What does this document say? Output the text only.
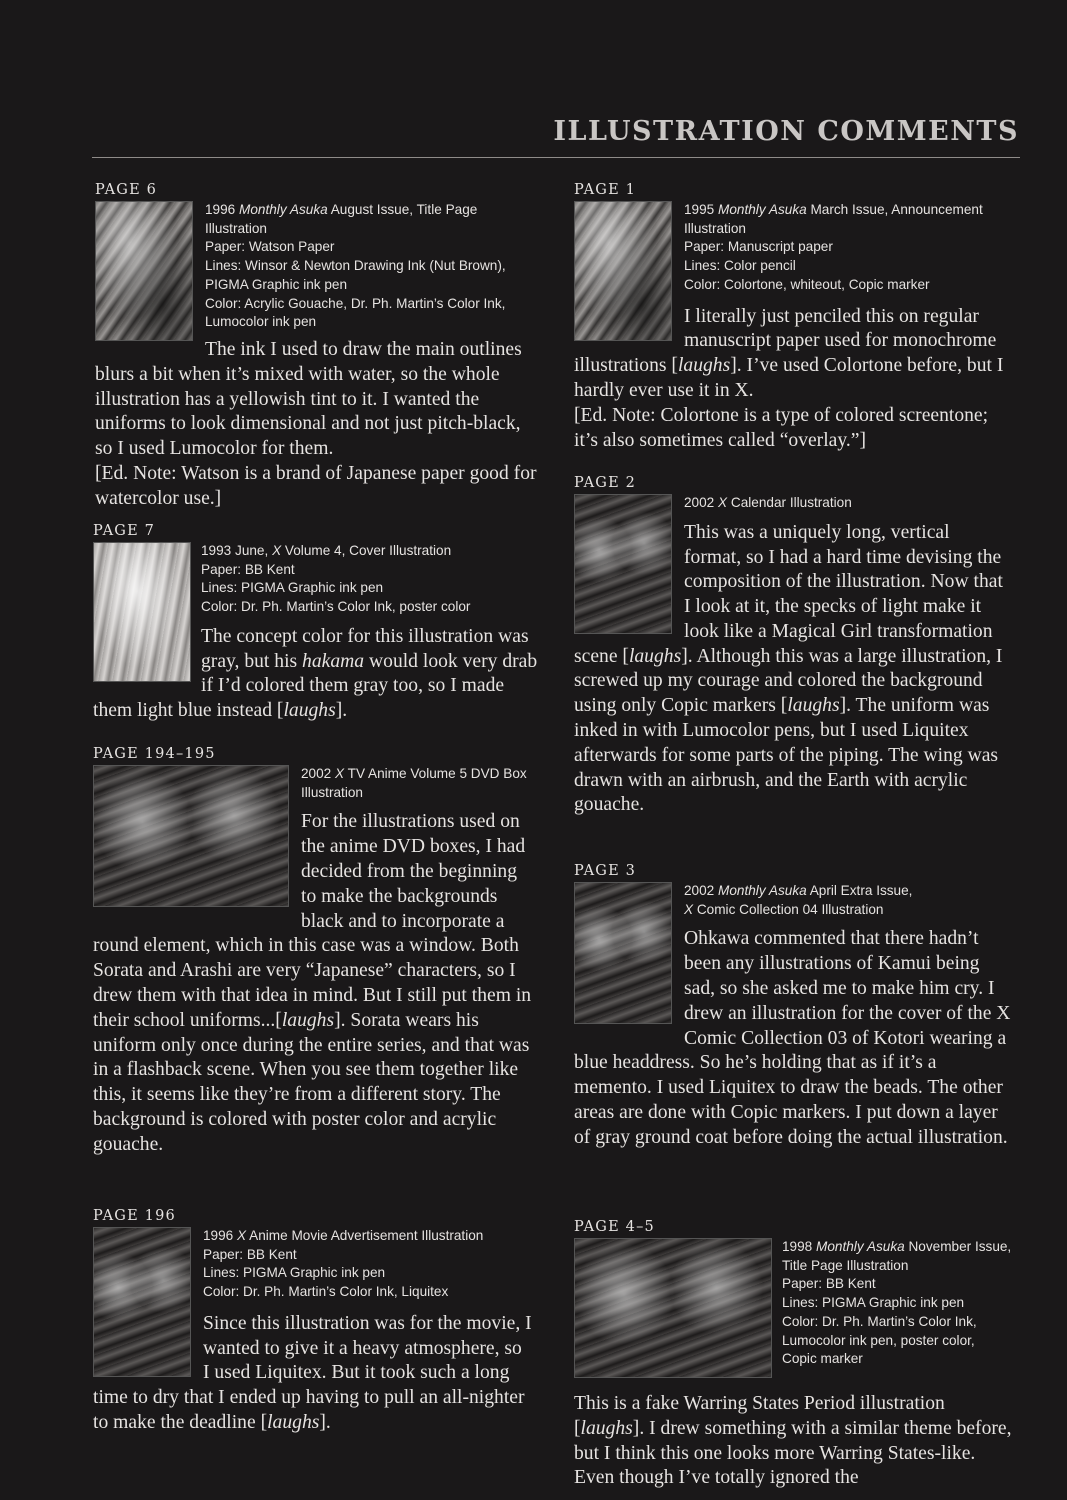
ILLUSTRATION COMMENTS

PAGE 6

1996 Monthly Asuka August Issue, Title Page Illustration
Paper: Watson Paper
Lines: Winsor & Newton Drawing Ink (Nut Brown),
PIGMA Graphic ink pen
Color: Acrylic Gouache, Dr. Ph. Martin’s Color Ink,
Lumocolor ink pen

The ink I used to draw the main outlines blurs a bit when it’s mixed with water, so the whole illustration has a yellowish tint to it. I wanted the uniforms to look dimensional and not just pitch-black, so I used Lumocolor for them.
[Ed. Note: Watson is a brand of Japanese paper good for watercolor use.]

PAGE 7

1993 June, X Volume 4, Cover Illustration
Paper: BB Kent
Lines: PIGMA Graphic ink pen
Color: Dr. Ph. Martin’s Color Ink, poster color

The concept color for this illustration was gray, but his hakama would look very drab if I’d colored them gray too, so I made them light blue instead [laughs].

PAGE 194–195

2002 X TV Anime Volume 5 DVD Box
Illustration

For the illustrations used on the anime DVD boxes, I had decided from the beginning to make the backgrounds black and to incorporate a round element, which in this case was a window. Both Sorata and Arashi are very “Japanese” characters, so I drew them with that idea in mind. But I still put them in their school uniforms...[laughs]. Sorata wears his uniform only once during the entire series, and that was in a flashback scene. When you see them together like this, it seems like they’re from a different story. The background is colored with poster color and acrylic gouache.

PAGE 196

1996 X Anime Movie Advertisement Illustration
Paper: BB Kent
Lines: PIGMA Graphic ink pen
Color: Dr. Ph. Martin’s Color Ink, Liquitex

Since this illustration was for the movie, I wanted to give it a heavy atmosphere, so I used Liquitex. But it took such a long time to dry that I ended up having to pull an all-nighter to make the deadline [laughs].

PAGE 1

1995 Monthly Asuka March Issue, Announcement Illustration
Paper: Manuscript paper
Lines: Color pencil
Color: Colortone, whiteout, Copic marker

I literally just penciled this on regular manuscript paper used for monochrome illustrations [laughs]. I’ve used Colortone before, but I hardly ever use it in X.
[Ed. Note: Colortone is a type of colored screentone; it’s also sometimes called “overlay.”]

PAGE 2

2002 X Calendar Illustration

This was a uniquely long, vertical format, so I had a hard time devising the composition of the illustration. Now that I look at it, the specks of light make it look like a Magical Girl transformation scene [laughs]. Although this was a large illustration, I screwed up my courage and colored the background using only Copic markers [laughs]. The uniform was inked in with Lumocolor pens, but I used Liquitex afterwards for some parts of the piping. The wing was drawn with an airbrush, and the Earth with acrylic gouache.

PAGE 3

2002 Monthly Asuka April Extra Issue,
X Comic Collection 04 Illustration

Ohkawa commented that there hadn’t been any illustrations of Kamui being sad, so she asked me to make him cry. I drew an illustration for the cover of the X Comic Collection 03 of Kotori wearing a blue headdress. So he’s holding that as if it’s a memento. I used Liquitex to draw the beads. The other areas are done with Copic markers. I put down a layer of gray ground coat before doing the actual illustration.

PAGE 4–5

1998 Monthly Asuka November Issue,
Title Page Illustration
Paper: BB Kent
Lines: PIGMA Graphic ink pen
Color: Dr. Ph. Martin’s Color Ink,
Lumocolor ink pen, poster color,
Copic marker

This is a fake Warring States Period illustration [laughs]. I drew something with a similar theme before, but I think this one looks more Warring States-like. Even though I’ve totally ignored the
